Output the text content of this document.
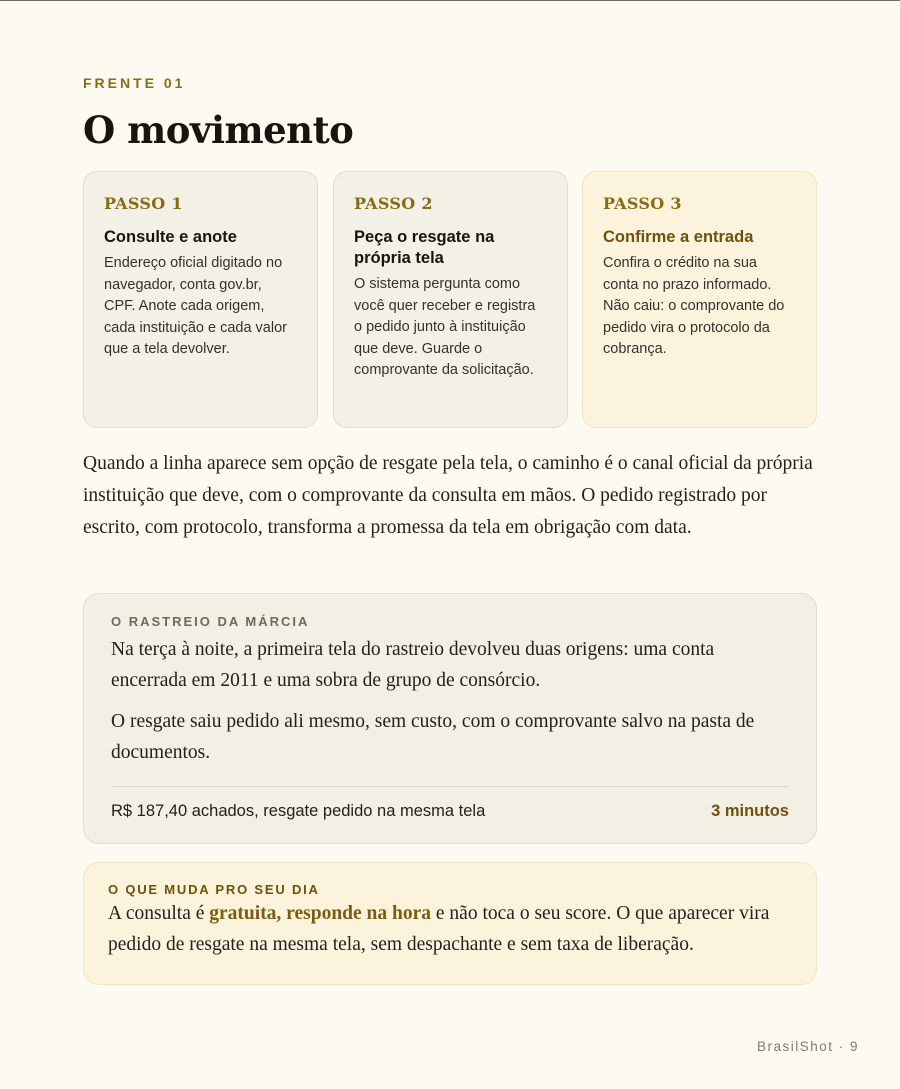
FRENTE 01
O movimento
PASSO 1
Consulte e anote
Endereço oficial digitado no navegador, conta gov.br, CPF. Anote cada origem, cada instituição e cada valor que a tela devolver.
PASSO 2
Peça o resgate na própria tela
O sistema pergunta como você quer receber e registra o pedido junto à instituição que deve. Guarde o comprovante da solicitação.
PASSO 3
Confirme a entrada
Confira o crédito na sua conta no prazo informado. Não caiu: o comprovante do pedido vira o protocolo da cobrança.

Quando a linha aparece sem opção de resgate pela tela, o caminho é o canal oficial da própria instituição que deve, com o comprovante da consulta em mãos. O pedido registrado por escrito, com protocolo, transforma a promessa da tela em obrigação com data.

O RASTREIO DA MÁRCIA

Na terça à noite, a primeira tela do rastreio devolveu duas origens: uma conta encerrada em 2011 e uma sobra de grupo de consórcio.

O resgate saiu pedido ali mesmo, sem custo, com o comprovante salvo na pasta de documentos.

R$ 187,40 achados, resgate pedido na mesma tela	3 minutos
O QUE MUDA PRO SEU DIA

A consulta é gratuita, responde na hora e não toca o seu score. O que aparecer vira pedido de resgate na mesma tela, sem despachante e sem taxa de liberação.

BrasilShot · 9
